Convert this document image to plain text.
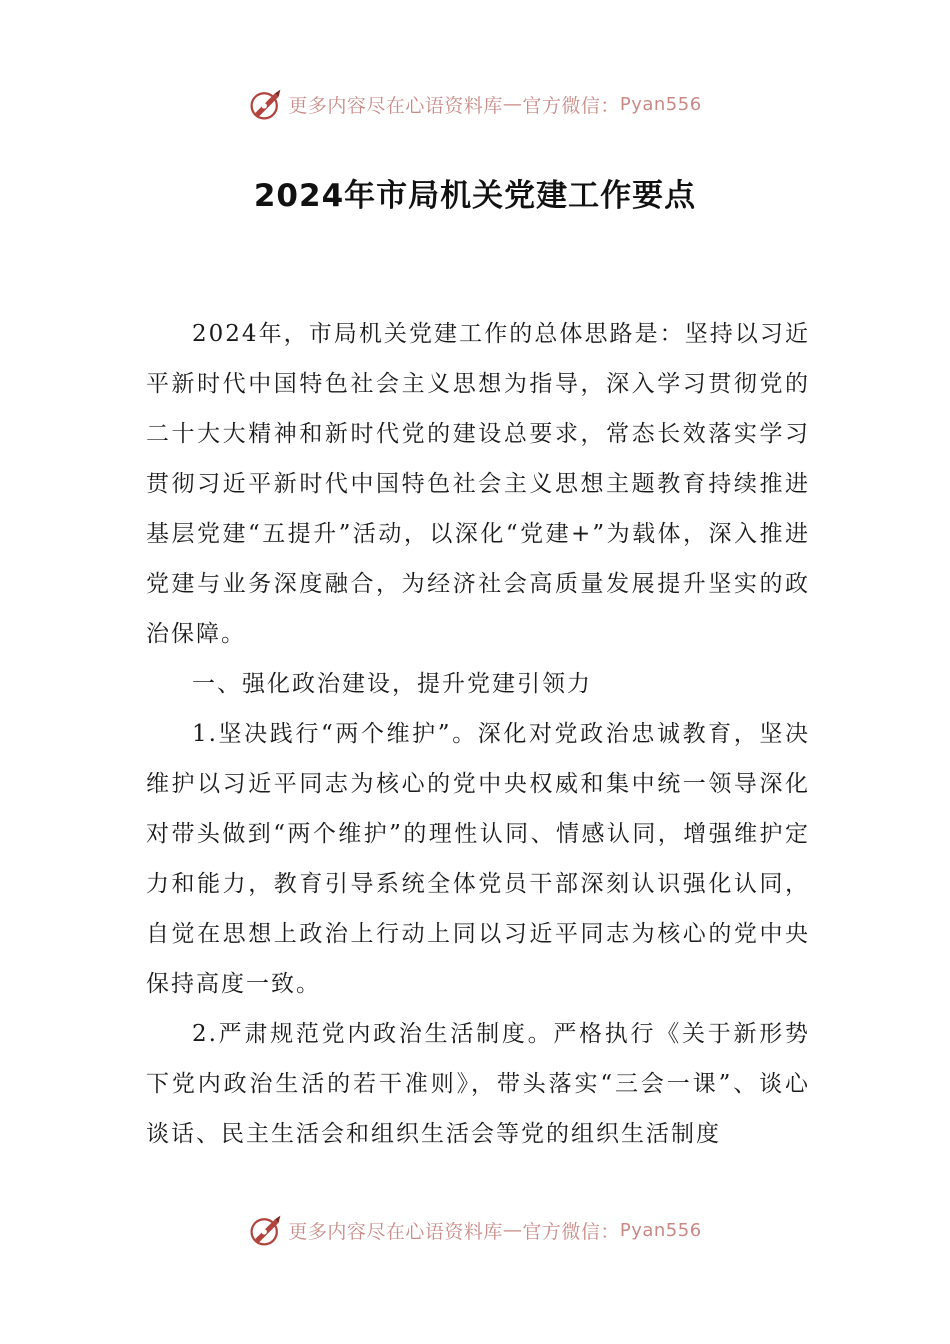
更多内容尽在心语资料库 — 官方微信： Pyan556
2024年市局机关党建工作要点

2024年，市局机关党建工作的总体思路是：坚持以习近平新时代中国特色社会主义思想为指导，深入学习贯彻党的二十大大精神和新时代党的建设总要求，常态长效落实学习贯彻习近平新时代中国特色社会主义思想主题教育持续推进基层党建“五提升”活动，以深化“党建+”为载体，深入推进党建与业务深度融合，为经济社会高质量发展提升坚实的政治保障。

一、强化政治建设，提升党建引领力

1.坚决践行“两个维护”。深化对党政治忠诚教育，坚决维护以习近平同志为核心的党中央权威和集中统一领导深化对带头做到“两个维护”的理性认同、情感认同，增强维护定力和能力，教育引导系统全体党员干部深刻认识强化认同，自觉在思想上政治上行动上同以习近平同志为核心的党中央保持高度一致。

2.严肃规范党内政治生活制度。严格执行《关于新形势下党内政治生活的若干准则》，带头落实“三会一课”、谈心谈话、民主生活会和组织生活会等党的组织生活制度

更多内容尽在心语资料库 — 官方微信： Pyan556
